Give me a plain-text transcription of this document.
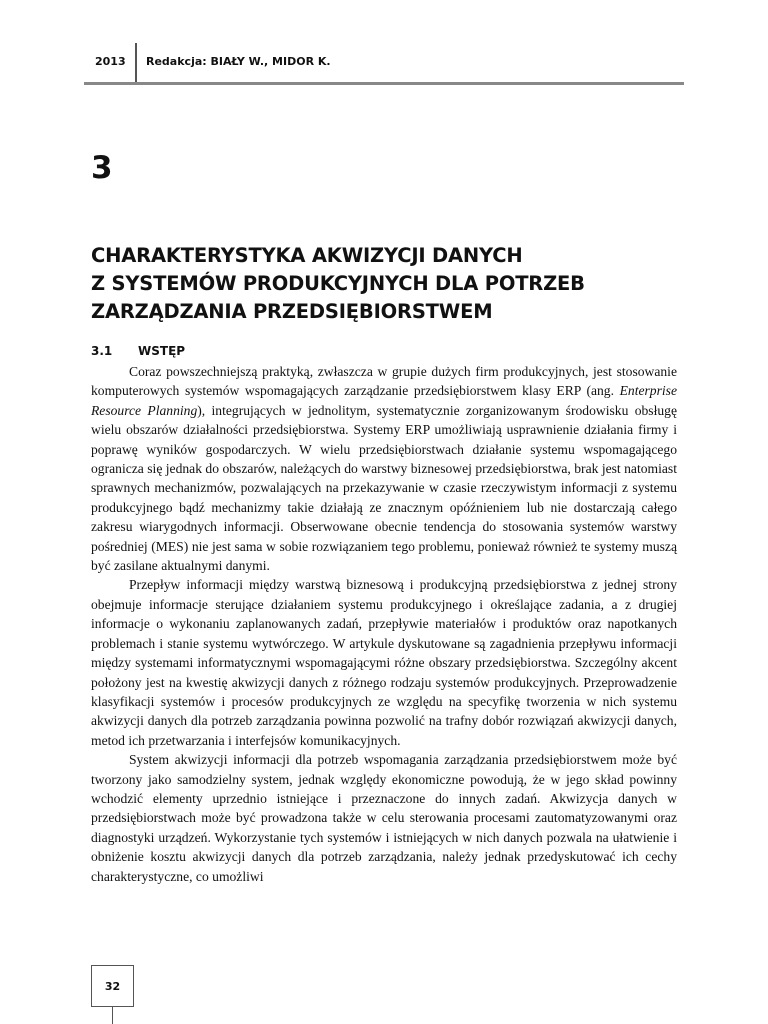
2013 Redakcja: BIAŁY W., MIDOR K.
3
CHARAKTERYSTYKA AKWIZYCJI DANYCH
Z SYSTEMÓW PRODUKCYJNYCH DLA POTRZEB
ZARZĄDZANIA PRZEDSIĘBIORSTWEM
3.1 WSTĘP

Coraz powszechniejszą praktyką, zwłaszcza w grupie dużych firm produkcyjnych, jest stosowanie komputerowych systemów wspomagających zarządzanie przedsiębiorstwem klasy ERP (ang. Enterprise Resource Planning), integrujących w jednolitym, systematycznie zorganizowanym środowisku obsługę wielu obszarów działalności przedsiębiorstwa. Systemy ERP umożliwiają usprawnienie działania firmy i poprawę wyników gospodarczych. W wielu przedsiębiorstwach działanie systemu wspomagającego ogranicza się jednak do obszarów, należących do warstwy biznesowej przedsiębiorstwa, brak jest natomiast sprawnych mechanizmów, pozwalających na przekazywanie w czasie rzeczywistym informacji z systemu produkcyjnego bądź mechanizmy takie działają ze znacznym opóźnieniem lub nie dostarczają całego zakresu wiarygodnych informacji. Obserwowane obecnie tendencja do stosowania systemów warstwy pośredniej (MES) nie jest sama w sobie rozwiązaniem tego problemu, ponieważ również te systemy muszą być zasilane aktualnymi danymi.

Przepływ informacji między warstwą biznesową i produkcyjną przedsiębiorstwa z jednej strony obejmuje informacje sterujące działaniem systemu produkcyjnego i określające zadania, a z drugiej informacje o wykonaniu zaplanowanych zadań, przepływie materiałów i produktów oraz napotkanych problemach i stanie systemu wytwórczego. W artykule dyskutowane są zagadnienia przepływu informacji między systemami informatycznymi wspomagającymi różne obszary przedsiębiorstwa. Szczególny akcent położony jest na kwestię akwizycji danych z różnego rodzaju systemów produkcyjnych. Przeprowadzenie klasyfikacji systemów i procesów produkcyjnych ze względu na specyfikę tworzenia w nich systemu akwizycji danych dla potrzeb zarządzania powinna pozwolić na trafny dobór rozwiązań akwizycji danych, metod ich przetwarzania i interfejsów komunikacyjnych.

System akwizycji informacji dla potrzeb wspomagania zarządzania przedsiębiorstwem może być tworzony jako samodzielny system, jednak względy ekonomiczne powodują, że w jego skład powinny wchodzić elementy uprzednio istniejące i przeznaczone do innych zadań. Akwizycja danych w przedsiębiorstwach może być prowadzona także w celu sterowania procesami zautomatyzowanymi oraz diagnostyki urządzeń. Wykorzystanie tych systemów i istniejących w nich danych pozwala na ułatwienie i obniżenie kosztu akwizycji danych dla potrzeb zarządzania, należy jednak przedyskutować ich cechy charakterystyczne, co umożliwi

32
